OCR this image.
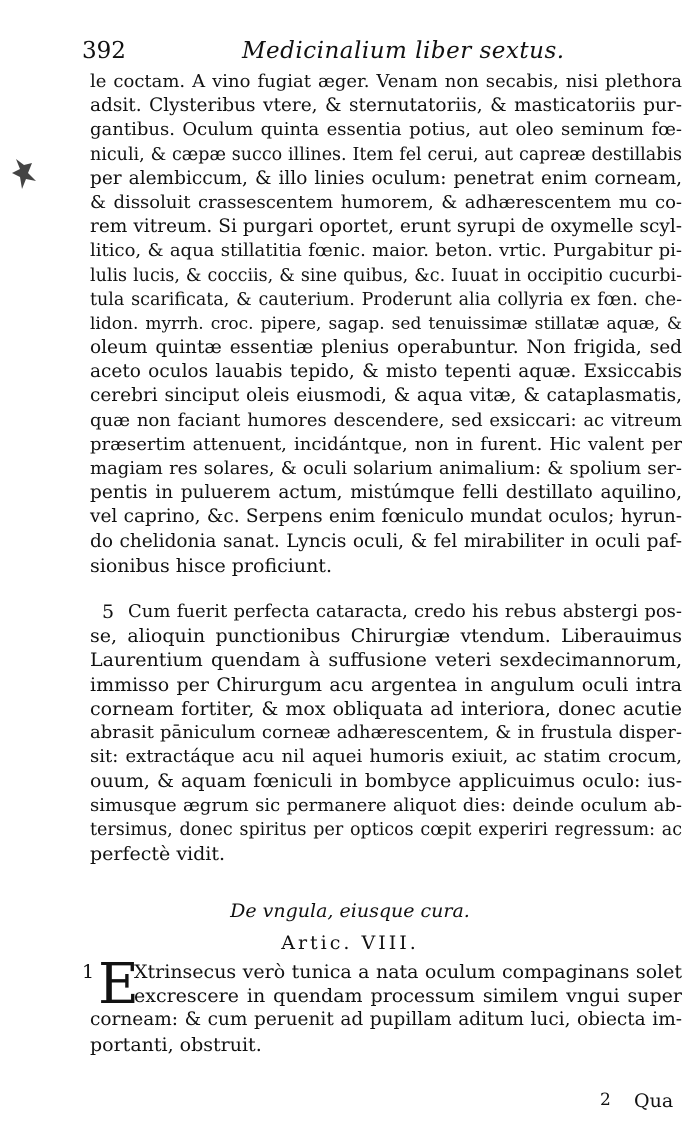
392	Medicinalium liber sextus.
le coctam. A vino fugiat æger. Venam non secabis, nisi plethora
adsit. Clysteribus vtere, & sternutatoriis, & masticatoriis pur-
gantibus. Oculum quinta essentia potius, aut oleo seminum fœ-
niculi, & cæpæ succo illines. Item fel cerui, aut capreæ destillabis
per alembiccum, & illo linies oculum: penetrat enim corneam,
& dissoluit crassescentem humorem, & adhærescentem mu co-
rem vitreum. Si purgari oportet, erunt syrupi de oxymelle scyl-
litico, & aqua stillatitia fœnic. maior. beton. vrtic. Purgabitur pi-
lulis lucis, & cocciis, & sine quibus, &c. Iuuat in occipitio cucurbi-
tula scarificata, & cauterium. Proderunt alia collyria ex fœn. che-
lidon. myrrh. croc. pipere, sagap. sed tenuissimæ stillatæ aquæ, &
oleum quintæ essentiæ plenius operabuntur. Non frigida, sed
aceto oculos lauabis tepido, & misto tepenti aquæ. Exsiccabis
cerebri sinciput oleis eiusmodi, & aqua vitæ, & cataplasmatis,
quæ non faciant humores descendere, sed exsiccari: ac vitreum
præsertim attenuent, incidántque, non in furent. Hic valent per
magiam res solares, & oculi solarium animalium: & spolium ser-
pentis in puluerem actum, mistúmque felli destillato aquilino,
vel caprino, &c. Serpens enim fœniculo mundat oculos; hyrun-
do chelidonia sanat. Lyncis oculi, & fel mirabiliter in oculi paf-
sionibus hisce proficiunt.
5 Cum fuerit perfecta cataracta, credo his rebus abstergi pos-
se, alioquin punctionibus Chirurgiæ vtendum. Liberauimus
Laurentium quendam à suffusione veteri sexdecimannorum,
immisso per Chirurgum acu argentea in angulum oculi intra
corneam fortiter, & mox obliquata ad interiora, donec acutie
abrasit pāniculum corneæ adhærescentem, & in frustula disper-
sit: extractáque acu nil aquei humoris exiuit, ac statim crocum,
ouum, & aquam fœniculi in bombyce applicuimus oculo: ius-
simusque ægrum sic permanere aliquot dies: deinde oculum ab-
tersimus, donec spiritus per opticos cœpit experiri regressum: ac
perfectè vidit.
De vngula, eiusque cura.
Artic. VIII.
1 E
Xtrinsecus verò tunica a nata oculum compaginans solet
excrescere in quendam processum similem vngui super
corneam: & cum peruenit ad pupillam aditum luci, obiecta im-
portanti, obstruit.
2 Qua
